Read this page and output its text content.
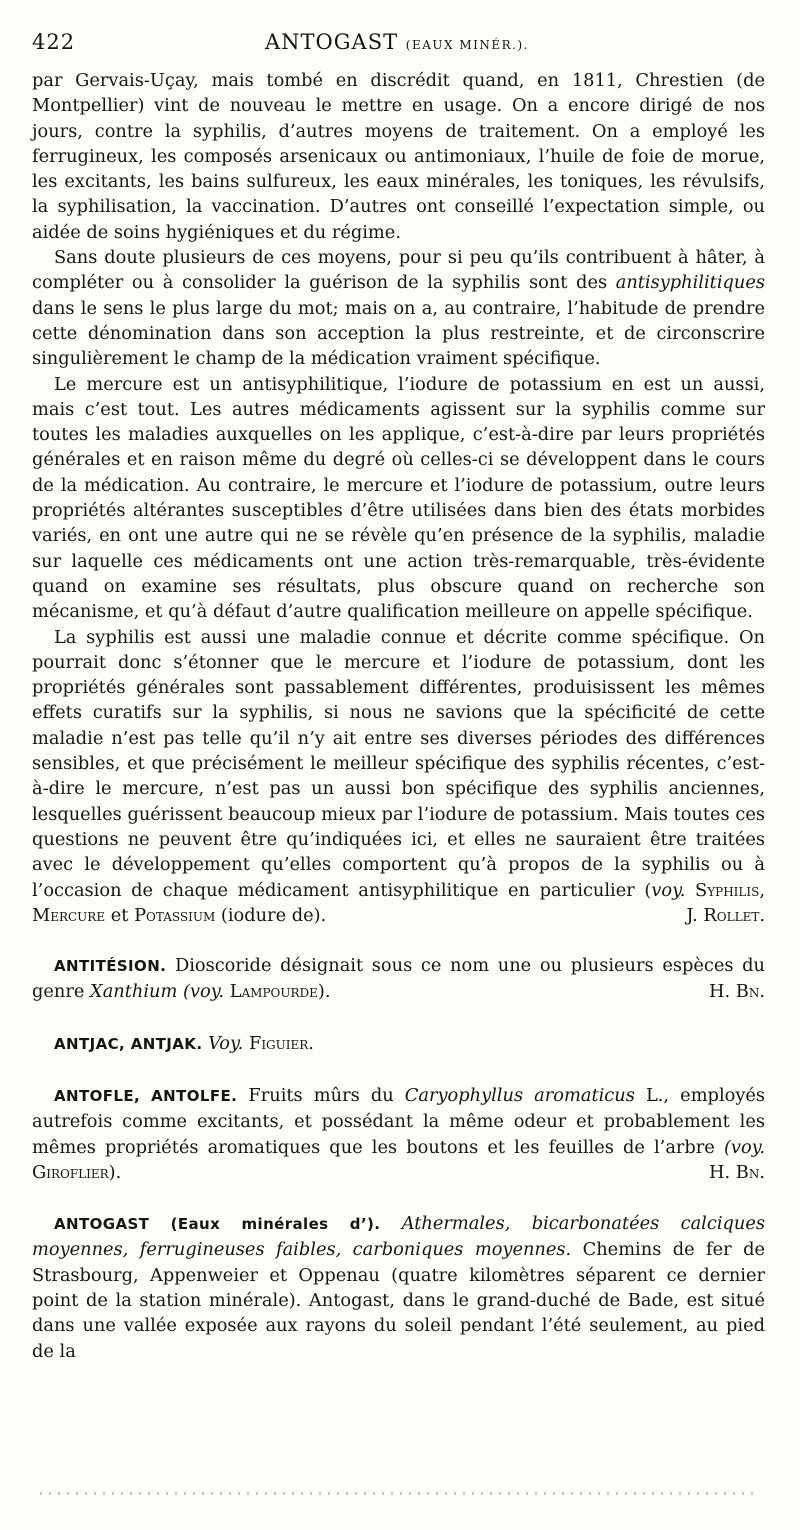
422	ANTOGAST (EAUX MINÉR.).

par Gervais-Uçay, mais tombé en discrédit quand, en 1811, Chrestien (de Montpellier) vint de nouveau le mettre en usage. On a encore dirigé de nos jours, contre la syphilis, d’autres moyens de traitement. On a employé les ferrugineux, les composés arsenicaux ou antimoniaux, l’huile de foie de morue, les excitants, les bains sulfureux, les eaux minérales, les toniques, les révulsifs, la syphilisation, la vaccination. D’autres ont conseillé l’expectation simple, ou aidée de soins hygiéniques et du régime.

Sans doute plusieurs de ces moyens, pour si peu qu’ils contribuent à hâter, à compléter ou à consolider la guérison de la syphilis sont des antisyphilitiques dans le sens le plus large du mot; mais on a, au contraire, l’habitude de prendre cette dénomination dans son acception la plus restreinte, et de circonscrire singulièrement le champ de la médication vraiment spécifique.

Le mercure est un antisyphilitique, l’iodure de potassium en est un aussi, mais c’est tout. Les autres médicaments agissent sur la syphilis comme sur toutes les maladies auxquelles on les applique, c’est-à-dire par leurs propriétés générales et en raison même du degré où celles-ci se développent dans le cours de la médication. Au contraire, le mercure et l’iodure de potassium, outre leurs propriétés altérantes susceptibles d’être utilisées dans bien des états morbides variés, en ont une autre qui ne se révèle qu’en présence de la syphilis, maladie sur laquelle ces médicaments ont une action très-remarquable, très-évidente quand on examine ses résultats, plus obscure quand on recherche son mécanisme, et qu’à défaut d’autre qualification meilleure on appelle spécifique.

La syphilis est aussi une maladie connue et décrite comme spécifique. On pourrait donc s’étonner que le mercure et l’iodure de potassium, dont les propriétés générales sont passablement différentes, produisissent les mêmes effets curatifs sur la syphilis, si nous ne savions que la spécificité de cette maladie n’est pas telle qu’il n’y ait entre ses diverses périodes des différences sensibles, et que précisément le meilleur spécifique des syphilis récentes, c’est-à-dire le mercure, n’est pas un aussi bon spécifique des syphilis anciennes, lesquelles guérissent beaucoup mieux par l’iodure de potassium. Mais toutes ces questions ne peuvent être qu’indiquées ici, et elles ne sauraient être traitées avec le développement qu’elles comportent qu’à propos de la syphilis ou à l’occasion de chaque médicament antisyphilitique en particulier (voy. Syphilis, Mercure et Potassium (iodure de).	J. Rollet.

ANTITÉSION. Dioscoride désignait sous ce nom une ou plusieurs espèces du genre Xanthium (voy. Lampourde).	H. Bn.

ANTJAC, ANTJAK. Voy. Figuier.

ANTOFLE, ANTOLFE. Fruits mûrs du Caryophyllus aromaticus L., employés autrefois comme excitants, et possédant la même odeur et probablement les mêmes propriétés aromatiques que les boutons et les feuilles de l’arbre (voy. Giroflier).	H. Bn.

ANTOGAST (Eaux minérales d’). Athermales, bicarbonatées calciques moyennes, ferrugineuses faibles, carboniques moyennes. Chemins de fer de Strasbourg, Appenweier et Oppenau (quatre kilomètres séparent ce dernier point de la station minérale). Antogast, dans le grand-duché de Bade, est situé dans une vallée exposée aux rayons du soleil pendant l’été seulement, au pied de la
